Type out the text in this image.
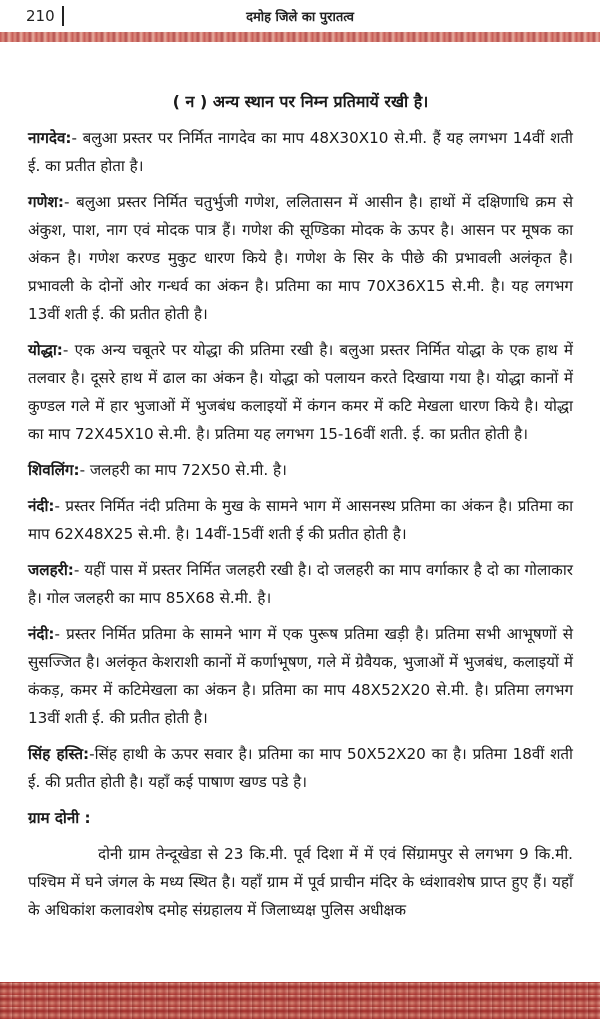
210	दमोह जिले का पुरातत्व

( न ) अन्य स्थान पर निम्न प्रतिमायें रखी है।

नागदेव:- बलुआ प्रस्तर पर निर्मित नागदेव का माप 48X30X10 से.मी. हैं यह लगभग 14वीं शती ई. का प्रतीत होता है।

गणेश:- बलुआ प्रस्तर निर्मित चतुर्भुजी गणेश, ललितासन में आसीन है। हाथों में दक्षिणाधि क्रम से अंकुश, पाश, नाग एवं मोदक पात्र हैं। गणेश की सूण्डिका मोदक के ऊपर है। आसन पर मूषक का अंकन है। गणेश करण्ड मुकुट धारण किये है। गणेश के सिर के पीछे की प्रभावली अलंकृत है। प्रभावली के दोनों ओर गन्धर्व का अंकन है। प्रतिमा का माप 70X36X15 से.मी. है। यह लगभग 13वीं शती ई. की प्रतीत होती है।

योद्धा:- एक अन्य चबूतरे पर योद्धा की प्रतिमा रखी है। बलुआ प्रस्तर निर्मित योद्धा के एक हाथ में तलवार है। दूसरे हाथ में ढाल का अंकन है। योद्धा को पलायन करते दिखाया गया है। योद्धा कानों में कुण्डल गले में हार भुजाओं में भुजबंध कलाइयों में कंगन कमर में कटि मेखला धारण किये है। योद्धा का माप 72X45X10 से.मी. है। प्रतिमा यह लगभग 15-16वीं शती. ई. का प्रतीत होती है।

शिवलिंग:- जलहरी का माप 72X50 से.मी. है।

नंदी:- प्रस्तर निर्मित नंदी प्रतिमा के मुख के सामने भाग में आसनस्थ प्रतिमा का अंकन है। प्रतिमा का माप 62X48X25 से.मी. है। 14वीं-15वीं शती ई की प्रतीत होती है।

जलहरी:- यहीं पास में प्रस्तर निर्मित जलहरी रखी है। दो जलहरी का माप वर्गाकार है दो का गोलाकार है। गोल जलहरी का माप 85X68 से.मी. है।

नंदी:- प्रस्तर निर्मित प्रतिमा के सामने भाग में एक पुरूष प्रतिमा खड़ी है। प्रतिमा सभी आभूषणों से सुसज्जित है। अलंकृत केशराशी कानों में कर्णाभूषण, गले में ग्रेवैयक, भुजाओं में भुजबंध, कलाइयों में कंकड़, कमर में कटिमेखला का अंकन है। प्रतिमा का माप 48X52X20 से.मी. है। प्रतिमा लगभग 13वीं शती ई. की प्रतीत होती है।

सिंह हस्ति:-सिंह हाथी के ऊपर सवार है। प्रतिमा का माप 50X52X20 का है। प्रतिमा 18वीं शती ई. की प्रतीत होती है। यहाँ कई पाषाण खण्ड पडे है।

ग्राम दोनी :

दोनी ग्राम तेन्दूखेडा से 23 कि.मी. पूर्व दिशा में में एवं सिंग्रामपुर से लगभग 9 कि.मी. पश्चिम में घने जंगल के मध्य स्थित है। यहाँ ग्राम में पूर्व प्राचीन मंदिर के ध्वंशावशेष प्राप्त हुए हैं। यहाँ के अधिकांश कलावशेष दमोह संग्रहालय में जिलाध्यक्ष पुलिस अधीक्षक
